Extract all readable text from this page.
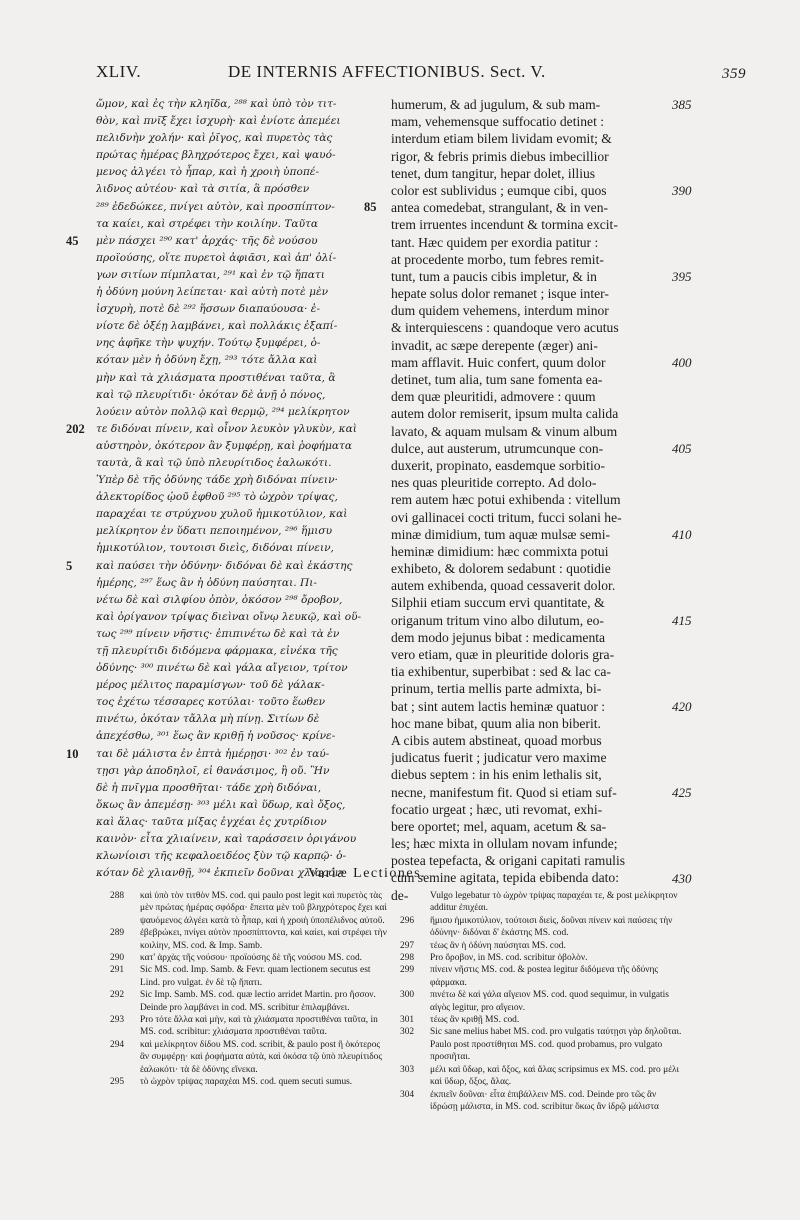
XLIV.	DE INTERNIS AFFECTIONIBUS. Sect. V.	359
ὤμον, καὶ ἐς τὴν κληῖδα, ²⁸⁸ καὶ ὑπὸ τὸν τιτ-
θὸν, καὶ πνῖξ ἔχει ἰσχυρὴ· καὶ ἐνίοτε ἀπεμέει
πελιδνὴν χολήν· καὶ ῥῖγος, καὶ πυρετὸς τὰς
πρώτας ἡμέρας βληχρότερος ἔχει, καὶ ψαυό-
μενος ἀλγέει τὸ ἧπαρ, καὶ ἡ χροιὴ ὑποπέ-
λιδνος αὐτέου· καὶ τὰ σιτία, ἃ πρόσθεν
²⁸⁹ ἐδεδώκεε, πνίγει αὐτὸν, καὶ προσπίπτον-
τα καίει, καὶ στρέφει τὴν κοιλίην. Ταῦτα
μὲν πάσχει ²⁹⁰ κατ' ἀρχάς· τῆς δὲ νούσου
προϊούσης, οἵτε πυρετοὶ ἀφιᾶσι, καὶ ἀπ' ὀλί-
γων σιτίων πίμπλαται, ²⁹¹ καὶ ἐν τῷ ἥπατι
ἡ ὀδύνη μούνη λείπεται· καὶ αὐτὴ ποτὲ μὲν
ἰσχυρὴ, ποτὲ δὲ ²⁹² ἥσσων διαπαύουσα· ἐ-
νίοτε δὲ ὀξέῃ λαμβάνει, καὶ πολλάκις ἐξαπί-
νης ἀφῆκε τὴν ψυχήν. Τούτῳ ξυμφέρει, ὁ-
κόταν μὲν ἡ ὀδύνη ἔχῃ, ²⁹³ τότε ἄλλα καὶ
μὴν καὶ τὰ χλιάσματα προστιθέναι ταῦτα, ἃ
καὶ τῷ πλευρίτιδι· ὁκόταν δὲ ἀνῇ ὁ πόνος,
λούειν αὐτὸν πολλῷ καὶ θερμῷ, ²⁹⁴ μελίκρητον
τε διδόναι πίνειν, καὶ οἶνον λευκὸν γλυκὺν, καὶ
αὐστηρὸν, ὁκότερον ἂν ξυμφέρῃ, καὶ ῥοφήματα
ταυτὰ, ἃ καὶ τῷ ὑπὸ πλευρίτιδος ἑαλωκότι.
Ὑπὲρ δὲ τῆς ὀδύνης τάδε χρὴ διδόναι πίνειν·
ἀλεκτορίδος ᾠοῦ ἑφθοῦ ²⁹⁵ τὸ ὠχρὸν τρίψας,
παραχέαι τε στρύχνου χυλοῦ ἡμικοτύλιον, καὶ
μελίκρητον ἐν ὕδατι πεποιημένον, ²⁹⁶ ἥμισυ
ἡμικοτύλιον, τουτοισι διεὶς, διδόναι πίνειν,
καὶ παύσει τὴν ὀδύνην· διδόναι δὲ καὶ ἑκάστης
ἡμέρης, ²⁹⁷ ἕως ἂν ἡ ὀδύνη παύσηται. Πι-
νέτω δὲ καὶ σιλφίου ὀπὸν, ὁκόσον ²⁹⁸ ὄροβον,
καὶ ὀρίγανον τρίψας διεὶναι οἴνῳ λευκῷ, καὶ οὕ-
τως ²⁹⁹ πίνειν νῆστις· ἐπιπινέτω δὲ καὶ τὰ ἐν
τῇ πλευρίτιδι διδόμενα φάρμακα, εἰνέκα τῆς
ὀδύνης· ³⁰⁰ πινέτω δὲ καὶ γάλα αἴγειον, τρίτον
μέρος μέλιτος παραμίσγων· τοῦ δὲ γάλακ-
τος ἐχέτω τέσσαρες κοτύλαι· τοῦτο ἕωθεν
πινέτω, ὁκόταν τἄλλα μὴ πίνῃ. Σιτίων δὲ
ἀπεχέσθω, ³⁰¹ ἕως ἂν κριθῇ ἡ νοῦσος· κρίνε-
ται δὲ μάλιστα ἐν ἑπτὰ ἡμέρῃσι· ³⁰² ἐν ταύ-
τῃσι γὰρ ἀποδηλοῖ, εἰ θανάσιμος, ἢ οὔ. Ἢν
δὲ ἡ πνῖγμα προσθῆται· τάδε χρὴ διδόναι,
ὅκως ἂν ἀπεμέσῃ· ³⁰³ μέλι καὶ ὕδωρ, καὶ ὄξος,
καὶ ἅλας· ταῦτα μίξας ἐγχέαι ἐς χυτρίδιον
καινὸν· εἶτα χλιαίνειν, καὶ ταράσσειν ὀριγάνου
κλωνίοισι τῆς κεφαλοειδέος ξὺν τῷ καρπῷ· ὁ-
κόταν δὲ χλιανθῇ, ³⁰⁴ ἐκπιεῖν δοῦναι χλιαρόν·
humerum, & ad jugulum, & sub mam-
mam, vehemensque suffocatio detinet :
interdum etiam bilem lividam evomit; &
rigor, & febris primis diebus imbecillior
tenet, dum tangitur, hepar dolet, illius
color est sublividus ; eumque cibi, quos
antea comedebat, strangulant, & in ven-
trem irruentes incendunt & tormina excit-
tant. Hæc quidem per exordia patitur :
at procedente morbo, tum febres remit-
tunt, tum a paucis cibis impletur, & in
hepate solus dolor remanet ; isque inter-
dum quidem vehemens, interdum minor
& interquiescens : quandoque vero acutus
invadit, ac sæpe derepente (æger) ani-
mam afflavit. Huic confert, quum dolor
detinet, tum alia, tum sane fomenta ea-
dem quæ pleuritidi, admovere : quum
autem dolor remiserit, ipsum multa calida
lavato, & aquam mulsam & vinum album
dulce, aut austerum, utrumcunque con-
duxerit, propinato, easdemque sorbitio-
nes quas pleuritide correpto. Ad dolo-
rem autem hæc potui exhibenda : vitellum
ovi gallinacei cocti tritum, fucci solani he-
minæ dimidium, tum aquæ mulsæ semi-
heminæ dimidium: hæc commixta potui
exhibeto, & dolorem sedabunt : quotidie
autem exhibenda, quoad cessaverit dolor.
Silphii etiam succum ervi quantitate, &
origanum tritum vino albo dilutum, eo-
dem modo jejunus bibat : medicamenta
vero etiam, quæ in pleuritide doloris gra-
tia exhibentur, superbibat : sed & lac ca-
prinum, tertia mellis parte admixta, bi-
bat ; sint autem lactis heminæ quatuor :
hoc mane bibat, quum alia non biberit.
A cibis autem abstineat, quoad morbus
judicatus fuerit ; judicatur vero maxime
diebus septem : in his enim lethalis sit,
necne, manifestum fit. Quod si etiam suf-
focatio urgeat ; hæc, uti revomat, exhi-
bere oportet; mel, aquam, acetum & sa-
les; hæc mixta in ollulam novam infunde;
postea tepefacta, & origani capitati ramulis
cum semine agitata, tepida ebibenda dato:
de-
45
202
5
10
85
385
390
395
400
405
410
415
420
425
430
Variæ Lectiones.
288 καὶ ὑπὸ τὸν τιτθὸν MS. cod. qui paulo post legit καὶ πυρετὸς τὰς μὲν πρώτας ἡμέρας σφόδρα· ἔπειτα μὲν τοῦ βληχρότερος ἔχει καὶ ψαυόμενος ἀλγέει κατὰ τὸ ἧπαρ, καὶ ἡ χροιὴ ὑποπέλιδνος αὐτοῦ.
289 ἐβεβρώκει, πνίγει αὐτὸν προσπίπτοντα, καὶ καίει, καὶ στρέφει τὴν κοιλίην, MS. cod. & Imp. Samb.
290 κατ' ἀρχὰς τῆς νούσου· προϊούσης δὲ τῆς νούσου MS. cod.
291 Sic MS. cod. Imp. Samb. & Fevr. quam lectionem secutus est Lind. pro vulgat. ἐν δὲ τῷ ἥπατι.
292 Sic Imp. Samb. MS. cod. quæ lectio arridet Martin. pro ἥσσον. Deinde pro λαμβάνει in cod. MS. scribitur ἐπιλαμβάνει.
293 Pro τότε ἄλλα καὶ μὴν, καὶ τὰ χλιάσματα προστιθέναι ταῦτα, in MS. cod. scribitur: χλιάσματα προστιθέναι ταῦτα.
294 καὶ μελίκρητον δίδου MS. cod. scribit, & paulo post ἢ ὁκότερος ἂν συμφέρῃ· καὶ ῥοφήματα αὐτὰ, καὶ ὁκόσα τῷ ὑπὸ πλευρίτιδος ἑαλωκότι· τὰ δὲ ὀδύνης εἵνεκα.
295 τὸ ὠχρὸν τρίψας παραχέαι MS. cod. quem secuti sumus.
Vulgo legebatur τὸ ὠχρὸν τρίψας παραχέαι τε, & post μελίκρητον additur ἐπιχέαι.
296 ἥμισυ ἡμικοτύλιον, τούτοισι διεὶς, δοῦναι πίνειν καὶ παύσεις τὴν ὀδύνην· διδόναι δ' ἑκάστης MS. cod.
297 τέως ἂν ἡ ὀδύνη παύσηται MS. cod.
298 Pro ὄροβον, in MS. cod. scribitur ὀβολὸν.
299 πίνειν νῆστις MS. cod. & postea legitur διδόμενα τῆς ὀδύνης φάρμακα.
300 πινέτω δὲ καὶ γάλα αἴγειον MS. cod. quod sequimur, in vulgatis αἰγὸς legitur, pro αἴγειον.
301 τέως ἂν κριθῇ MS. cod.
302 Sic sane melius habet MS. cod. pro vulgatis ταύτῃσι γὰρ δηλοῦται. Paulo post προστίθηται MS. cod. quod probamus, pro vulgato προσιῆται.
303 μέλι καὶ ὕδωρ, καὶ ὄξος, καὶ ἅλας scripsimus ex MS. cod. pro μέλι καὶ ὕδωρ, ὄξος, ἅλας.
304 ἐκπιεῖν δοῦναι· εἶτα ἐπιβάλλειν MS. cod. Deinde pro τῶς ἂν ἰδρώσῃ μάλιστα, in MS. cod. scribitur ὅκως ἂν ἱδρῷ μάλιστα
